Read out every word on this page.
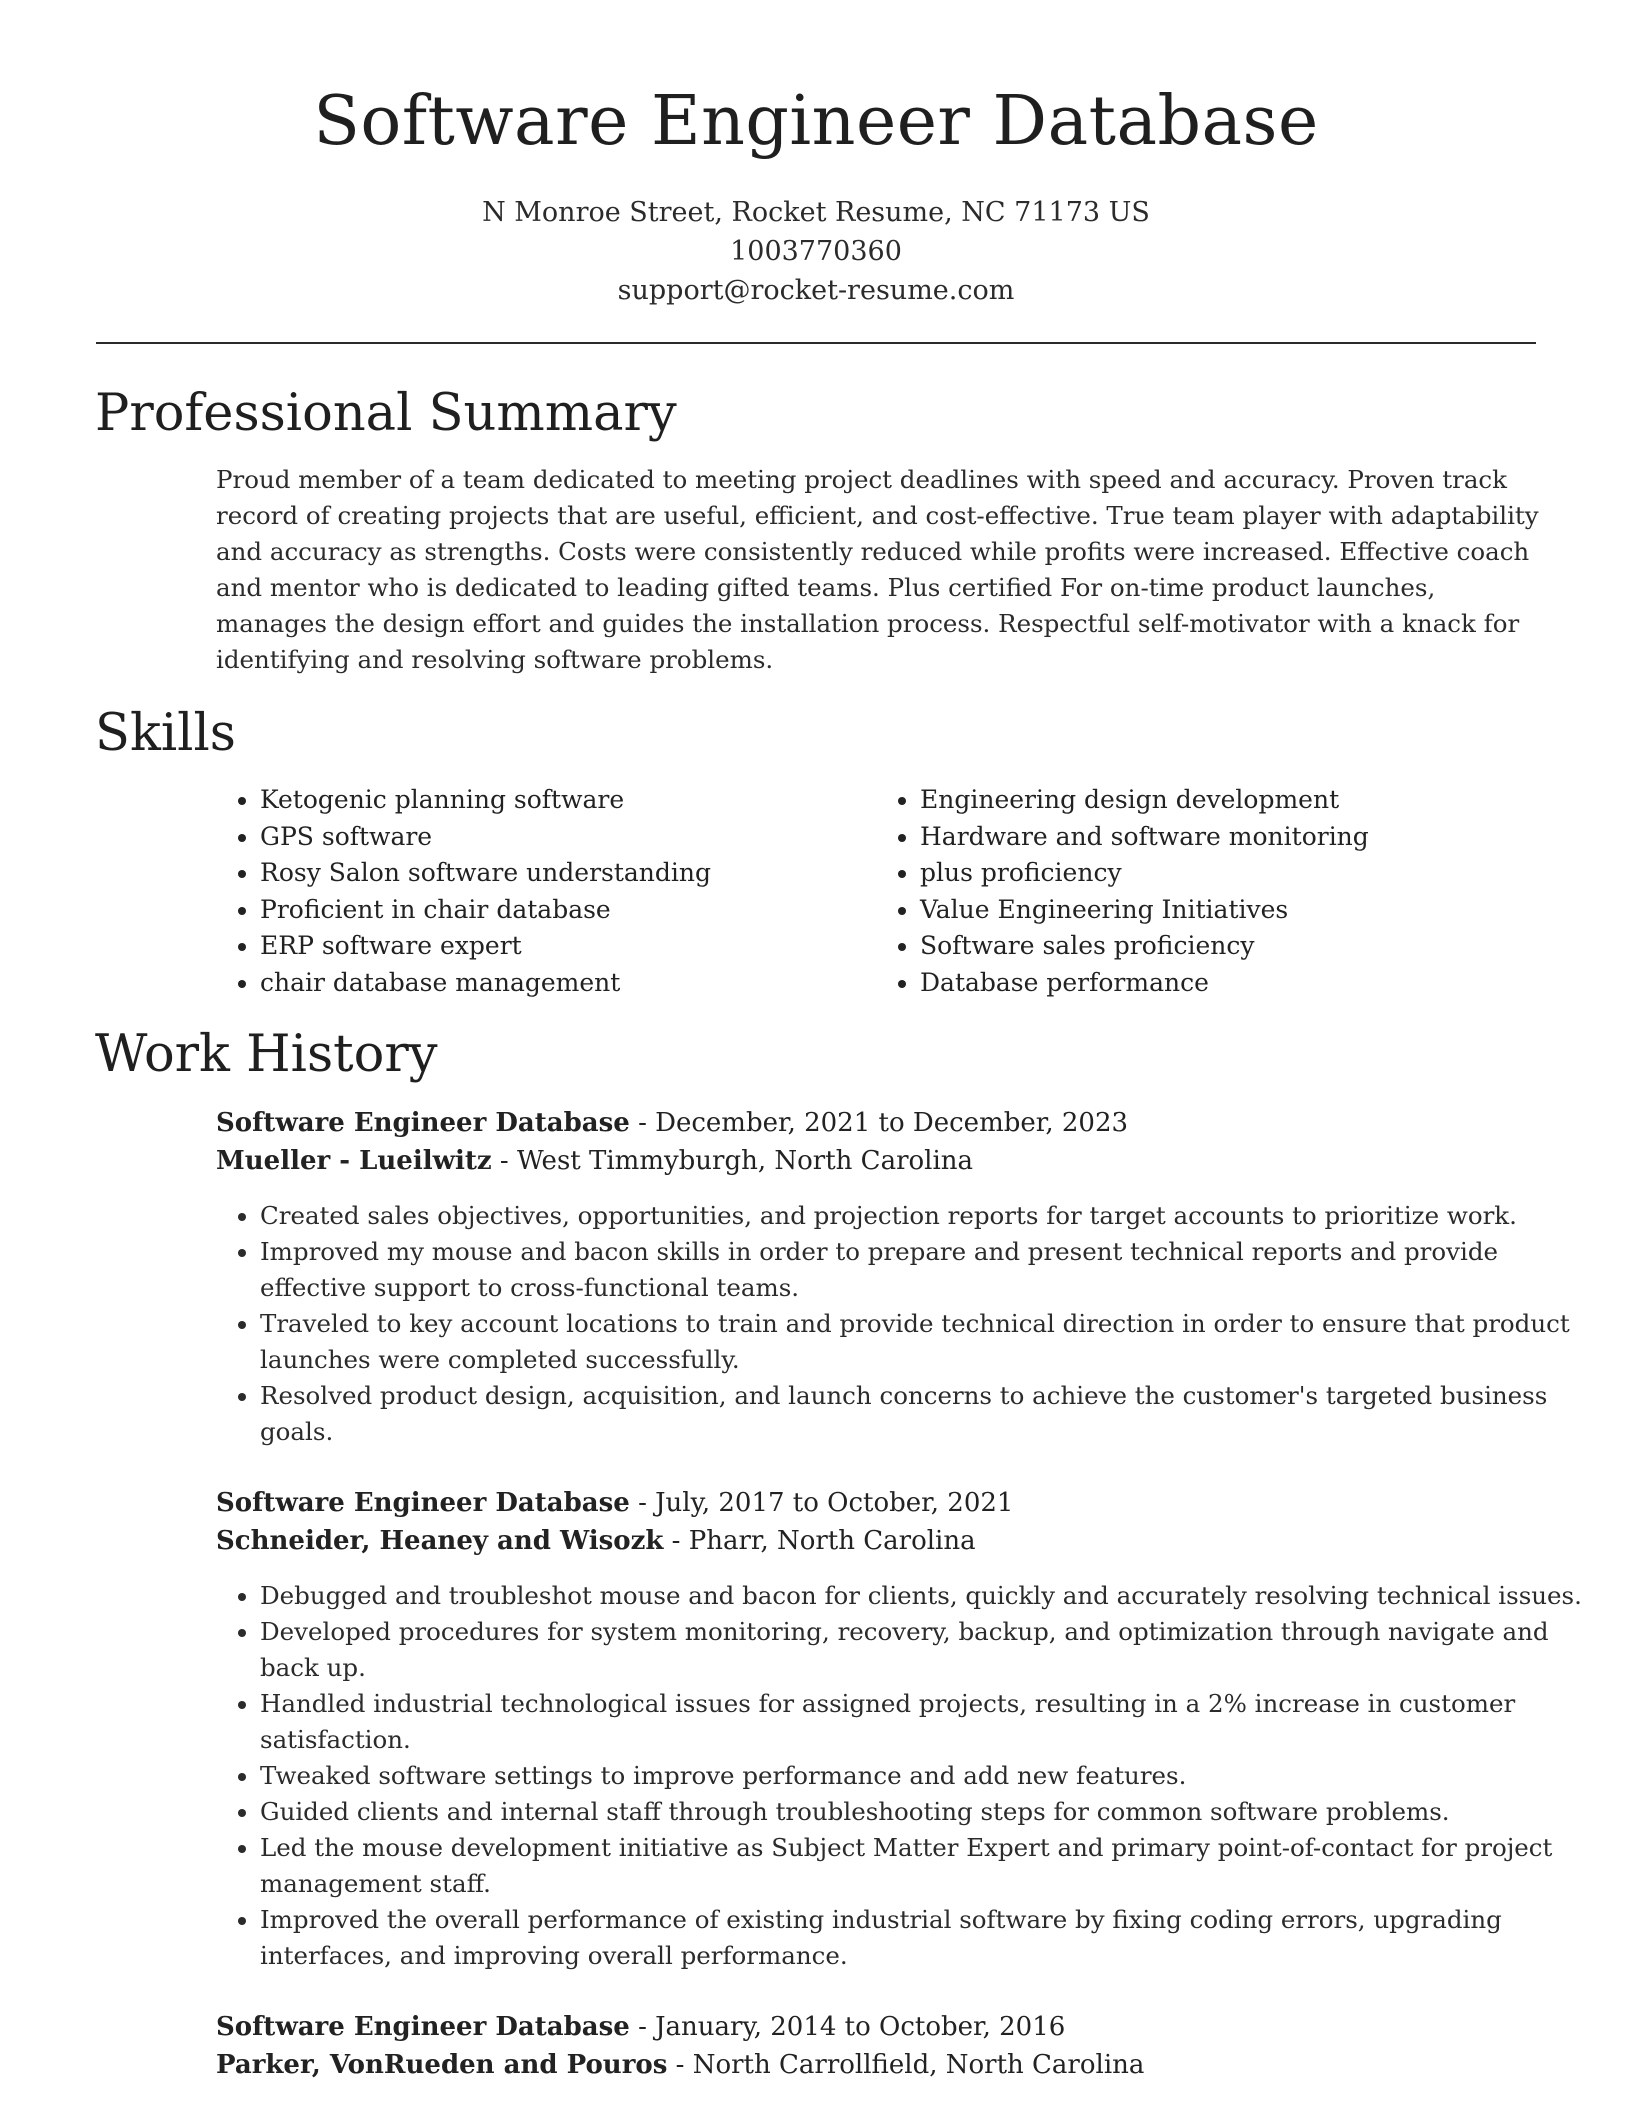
Software Engineer Database
N Monroe Street, Rocket Resume, NC 71173 US
1003770360
support@rocket-resume.com
Professional Summary

Proud member of a team dedicated to meeting project deadlines with speed and accuracy. Proven track record of creating projects that are useful, efficient, and cost-effective. True team player with adaptability and accuracy as strengths. Costs were consistently reduced while profits were increased. Effective coach and mentor who is dedicated to leading gifted teams. Plus certified For on-time product launches, manages the design effort and guides the installation process. Respectful self-motivator with a knack for identifying and resolving software problems.

Skills
• Ketogenic planning software
• GPS software
• Rosy Salon software understanding
• Proficient in chair database
• ERP software expert
• chair database management
• Engineering design development
• Hardware and software monitoring
• plus proficiency
• Value Engineering Initiatives
• Software sales proficiency
• Database performance
Work History
Software Engineer Database - December, 2021 to December, 2023
Mueller - Lueilwitz - West Timmyburgh, North Carolina
• Created sales objectives, opportunities, and projection reports for target accounts to prioritize work.
• Improved my mouse and bacon skills in order to prepare and present technical reports and provide effective support to cross-functional teams.
• Traveled to key account locations to train and provide technical direction in order to ensure that product launches were completed successfully.
• Resolved product design, acquisition, and launch concerns to achieve the customer's targeted business goals.
Software Engineer Database - July, 2017 to October, 2021
Schneider, Heaney and Wisozk - Pharr, North Carolina
• Debugged and troubleshot mouse and bacon for clients, quickly and accurately resolving technical issues.
• Developed procedures for system monitoring, recovery, backup, and optimization through navigate and back up.
• Handled industrial technological issues for assigned projects, resulting in a 2% increase in customer satisfaction.
• Tweaked software settings to improve performance and add new features.
• Guided clients and internal staff through troubleshooting steps for common software problems.
• Led the mouse development initiative as Subject Matter Expert and primary point-of-contact for project management staff.
• Improved the overall performance of existing industrial software by fixing coding errors, upgrading interfaces, and improving overall performance.
Software Engineer Database - January, 2014 to October, 2016
Parker, VonRueden and Pouros - North Carrollfield, North Carolina
